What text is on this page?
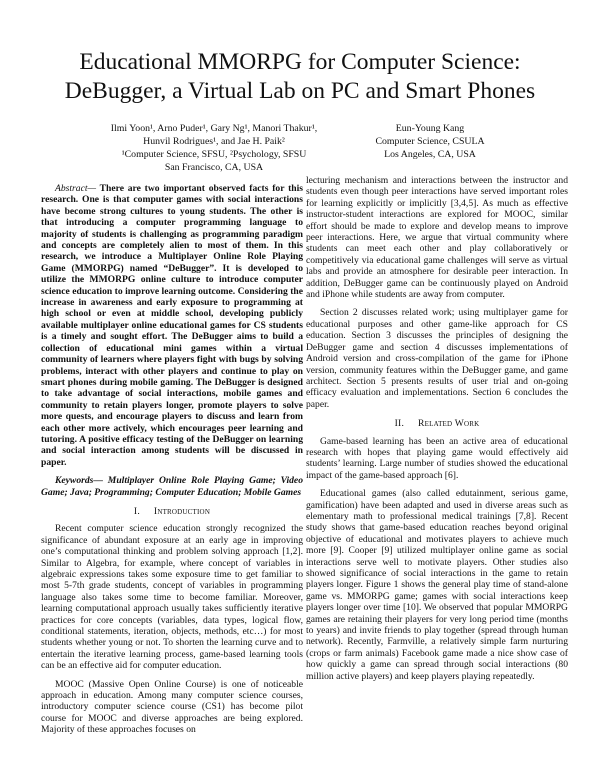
Educational MMORPG for Computer Science:
DeBugger, a Virtual Lab on PC and Smart Phones
Ilmi Yoon¹, Arno Puder¹, Gary Ng¹, Manori Thakur¹,
Hunvil Rodrigues¹, and Jae H. Paik²
¹Computer Science, SFSU, ²Psychology, SFSU
San Francisco, CA, USA
Eun-Young Kang
Computer Science, CSULA
Los Angeles, CA, USA

Abstract— There are two important observed facts for this research. One is that computer games with social interactions have become strong cultures to young students. The other is that introducing a computer programming language to majority of students is challenging as programming paradigm and concepts are completely alien to most of them. In this research, we introduce a Multiplayer Online Role Playing Game (MMORPG) named “DeBugger”. It is developed to utilize the MMORPG online culture to introduce computer science education to improve learning outcome. Considering the increase in awareness and early exposure to programming at high school or even at middle school, developing publicly available multiplayer online educational games for CS students is a timely and sought effort. The DeBugger aims to build a collection of educational mini games within a virtual community of learners where players fight with bugs by solving problems, interact with other players and continue to play on smart phones during mobile gaming. The DeBugger is designed to take advantage of social interactions, mobile games and community to retain players longer, promote players to solve more quests, and encourage players to discuss and learn from each other more actively, which encourages peer learning and tutoring. A positive efficacy testing of the DeBugger on learning and social interaction among students will be discussed in paper.

Keywords— Multiplayer Online Role Playing Game; Video Game; Java; Programming; Computer Education; Mobile Games

I. Introduction

Recent computer science education strongly recognized the significance of abundant exposure at an early age in improving one’s computational thinking and problem solving approach [1,2]. Similar to Algebra, for example, where concept of variables in algebraic expressions takes some exposure time to get familiar to most 5-7th grade students, concept of variables in programming language also takes some time to become familiar. Moreover, learning computational approach usually takes sufficiently iterative practices for core concepts (variables, data types, logical flow, conditional statements, iteration, objects, methods, etc…) for most students whether young or not. To shorten the learning curve and to entertain the iterative learning process, game-based learning tools can be an effective aid for computer education.

MOOC (Massive Open Online Course) is one of noticeable approach in education. Among many computer science courses, introductory computer science course (CS1) has become pilot course for MOOC and diverse approaches are being explored. Majority of these approaches focuses on

lecturing mechanism and interactions between the instructor and students even though peer interactions have served important roles for learning explicitly or implicitly [3,4,5]. As much as effective instructor-student interactions are explored for MOOC, similar effort should be made to explore and develop means to improve peer interactions. Here, we argue that virtual community where students can meet each other and play collaboratively or competitively via educational game challenges will serve as virtual labs and provide an atmosphere for desirable peer interaction. In addition, DeBugger game can be continuously played on Android and iPhone while students are away from computer.

Section 2 discusses related work; using multiplayer game for educational purposes and other game-like approach for CS education. Section 3 discusses the principles of designing the DeBugger game and section 4 discusses implementations of Android version and cross-compilation of the game for iPhone version, community features within the DeBugger game, and game architect. Section 5 presents results of user trial and on-going efficacy evaluation and implementations. Section 6 concludes the paper.

II. Related Work

Game-based learning has been an active area of educational research with hopes that playing game would effectively aid students’ learning. Large number of studies showed the educational impact of the game-based approach [6].

Educational games (also called edutainment, serious game, gamification) have been adapted and used in diverse areas such as elementary math to professional medical trainings [7,8]. Recent study shows that game-based education reaches beyond original objective of educational and motivates players to achieve much more [9]. Cooper [9] utilized multiplayer online game as social interactions serve well to motivate players. Other studies also showed significance of social interactions in the game to retain players longer. Figure 1 shows the general play time of stand-alone game vs. MMORPG game; games with social interactions keep players longer over time [10]. We observed that popular MMORPG games are retaining their players for very long period time (months to years) and invite friends to play together (spread through human network). Recently, Farmville, a relatively simple farm nurturing (crops or farm animals) Facebook game made a nice show case of how quickly a game can spread through social interactions (80 million active players) and keep players playing repeatedly.
